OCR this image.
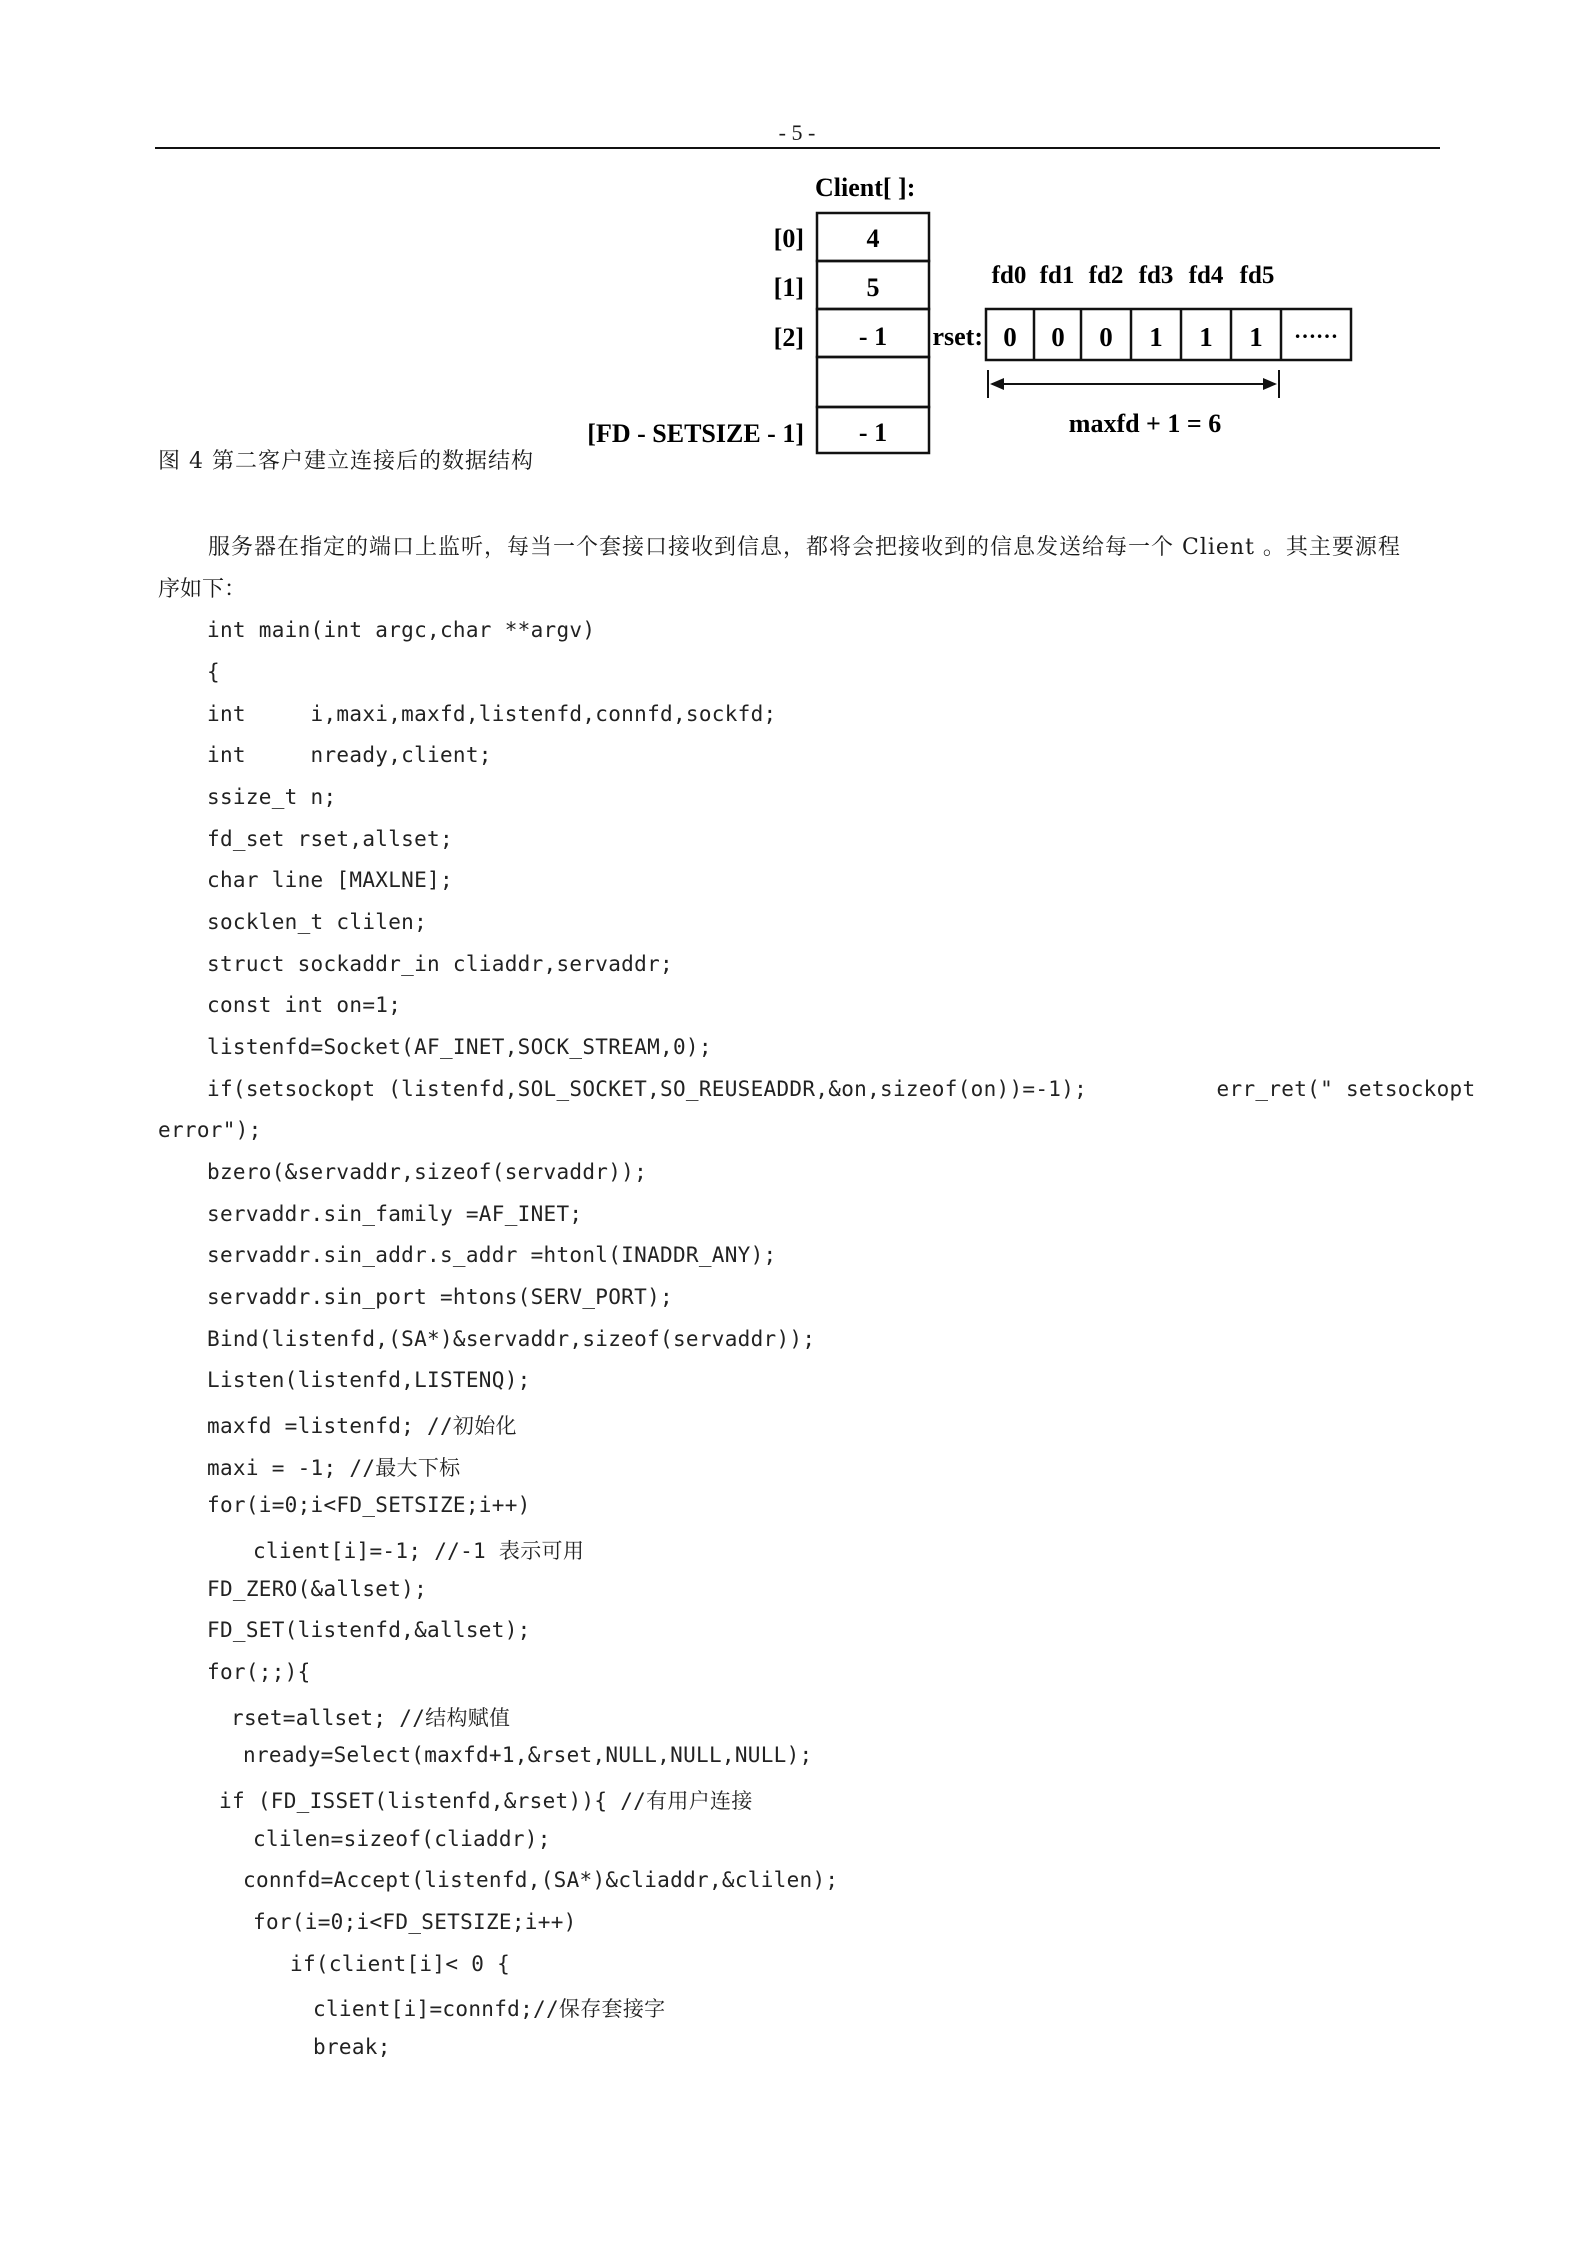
- 5 -
Client[ ]:
[0]
[1]
[2]
[FD - SETSIZE - 1]
4
5
- 1
- 1
fd0 fd1 fd2 fd3 fd4 fd5
rset: 0 0 0 1 1 1 ……
maxfd + 1 = 6
图 4 第二客户建立连接后的数据结构
服务器在指定的端口上监听，每当一个套接口接收到信息，都将会把接收到的信息发送给每一个 Client 。其主要源程
序如下：
int main(int argc,char **argv)
{
int     i,maxi,maxfd,listenfd,connfd,sockfd;
int     nready,client;
ssize_t n;
fd_set rset,allset;
char line [MAXLNE];
socklen_t clilen;
struct sockaddr_in cliaddr,servaddr;
const int on=1;
listenfd=Socket(AF_INET,SOCK_STREAM,0);
if(setsockopt (listenfd,SOL_SOCKET,SO_REUSEADDR,&on,sizeof(on))=-1);          err_ret(" setsockopt
error");
bzero(&servaddr,sizeof(servaddr));
servaddr.sin_family =AF_INET;
servaddr.sin_addr.s_addr =htonl(INADDR_ANY);
servaddr.sin_port =htons(SERV_PORT);
Bind(listenfd,(SA*)&servaddr,sizeof(servaddr));
Listen(listenfd,LISTENQ);
maxfd =listenfd; //初始化
maxi = -1; //最大下标
for(i=0;i<FD_SETSIZE;i++)
client[i]=-1; //-1 表示可用
FD_ZERO(&allset);
FD_SET(listenfd,&allset);
for(;;){
rset=allset; //结构赋值
nready=Select(maxfd+1,&rset,NULL,NULL,NULL);
if (FD_ISSET(listenfd,&rset)){ //有用户连接
clilen=sizeof(cliaddr);
connfd=Accept(listenfd,(SA*)&cliaddr,&clilen);
for(i=0;i<FD_SETSIZE;i++)
if(client[i]< 0 {
client[i]=connfd;//保存套接字
break;
